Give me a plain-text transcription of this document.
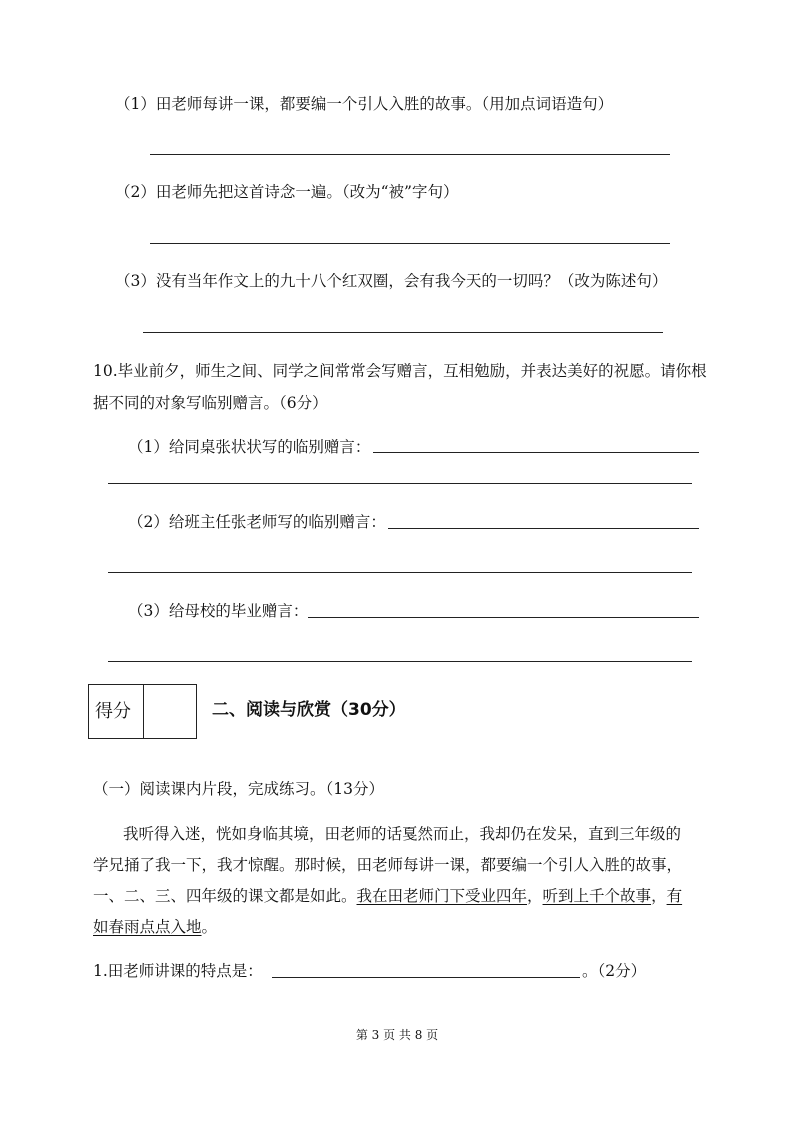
（1）田老师每讲一课，都要编一个引人入胜的故事。（用加点词语造句）
（2）田老师先把这首诗念一遍。（改为“被”字句）
（3）没有当年作文上的九十八个红双圈，会有我今天的一切吗？（改为陈述句）
10.毕业前夕，师生之间、同学之间常常会写赠言，互相勉励，并表达美好的祝愿。请你根
据不同的对象写临别赠言。（6分）
（1）给同桌张状状写的临别赠言：
（2）给班主任张老师写的临别赠言：
（3）给母校的毕业赠言：
得分	二、阅读与欣赏（30分）
（一）阅读课内片段，完成练习。（13分）
我听得入迷，恍如身临其境，田老师的话戛然而止，我却仍在发呆，直到三年级的
学兄捅了我一下，我才惊醒。那时候，田老师每讲一课，都要编一个引人入胜的故事，
一、二、三、四年级的课文都是如此。我在田老师门下受业四年，听到上千个故事，有
如春雨点点入地。
1.田老师讲课的特点是：	。（2分）
第 3 页 共 8 页
